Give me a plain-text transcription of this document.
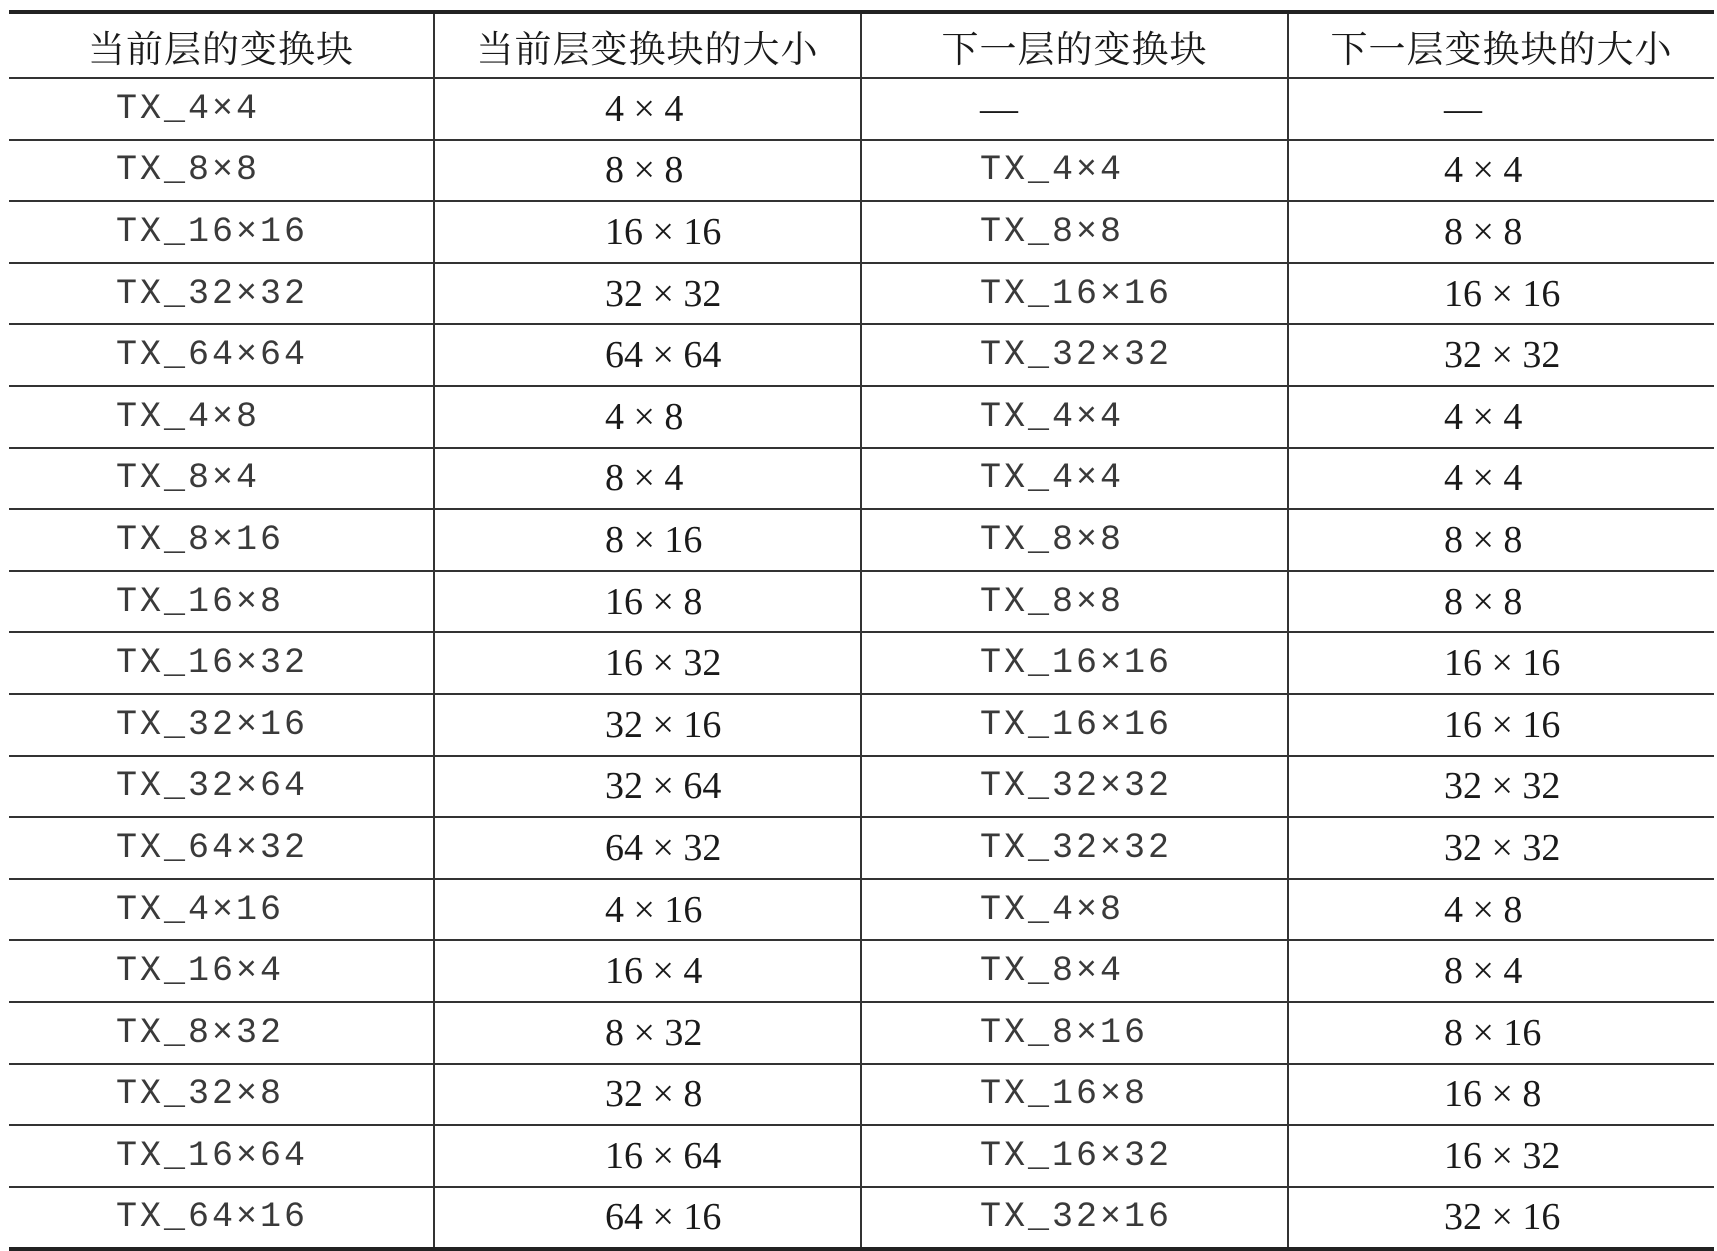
当前层的变换块	当前层变换块的大小	下一层的变换块	下一层变换块的大小
TX_4×4	4 × 4	—	—
TX_8×8	8 × 8	TX_4×4	4 × 4
TX_16×16	16 × 16	TX_8×8	8 × 8
TX_32×32	32 × 32	TX_16×16	16 × 16
TX_64×64	64 × 64	TX_32×32	32 × 32
TX_4×8	4 × 8	TX_4×4	4 × 4
TX_8×4	8 × 4	TX_4×4	4 × 4
TX_8×16	8 × 16	TX_8×8	8 × 8
TX_16×8	16 × 8	TX_8×8	8 × 8
TX_16×32	16 × 32	TX_16×16	16 × 16
TX_32×16	32 × 16	TX_16×16	16 × 16
TX_32×64	32 × 64	TX_32×32	32 × 32
TX_64×32	64 × 32	TX_32×32	32 × 32
TX_4×16	4 × 16	TX_4×8	4 × 8
TX_16×4	16 × 4	TX_8×4	8 × 4
TX_8×32	8 × 32	TX_8×16	8 × 16
TX_32×8	32 × 8	TX_16×8	16 × 8
TX_16×64	16 × 64	TX_16×32	16 × 32
TX_64×16	64 × 16	TX_32×16	32 × 16
